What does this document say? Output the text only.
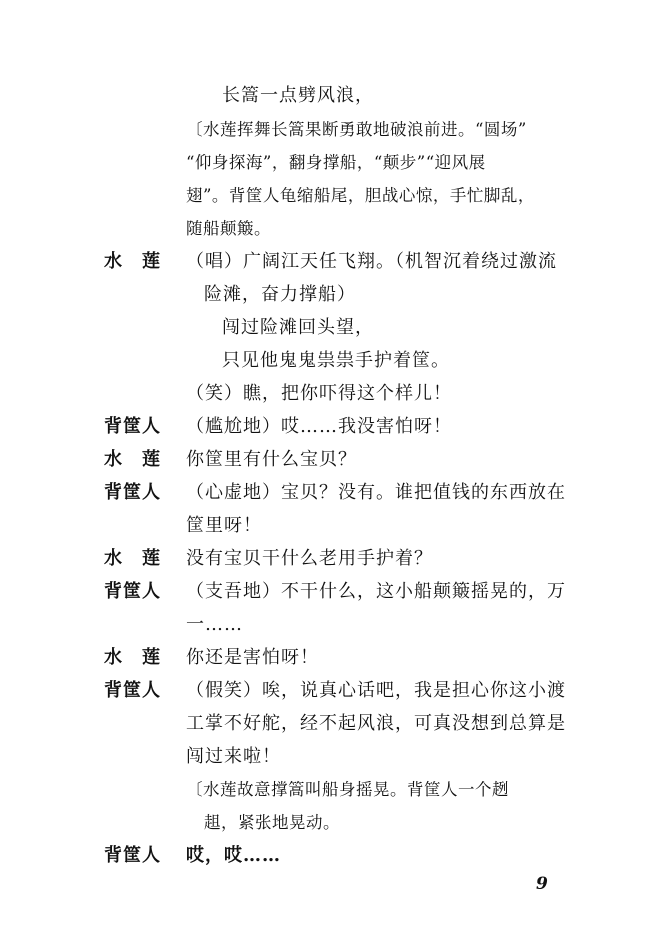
长篙一点劈风浪，
〔水莲挥舞长篙果断勇敢地破浪前进。“圆场”
“仰身探海”，翻身撑船，“颠步”“迎风展
翅”。背筐人龟缩船尾，胆战心惊，手忙脚乱，
随船颠簸。
水　莲 （唱）广阔江天任飞翔。（机智沉着绕过激流
险滩，奋力撑船）
闯过险滩回头望，
只见他鬼鬼祟祟手护着筐。
（笑）瞧，把你吓得这个样儿！
背筐人 （尴尬地）哎……我没害怕呀！
水　莲 你筐里有什么宝贝？
背筐人 （心虚地）宝贝？没有。谁把值钱的东西放在
筐里呀！
水　莲 没有宝贝干什么老用手护着？
背筐人 （支吾地）不干什么，这小船颠簸摇晃的，万
一……
水　莲 你还是害怕呀！
背筐人 （假笑）唉，说真心话吧，我是担心你这小渡
工掌不好舵，经不起风浪，可真没想到总算是
闯过来啦！
〔水莲故意撑篙叫船身摇晃。背筐人一个趔
趄，紧张地晃动。
背筐人 哎，哎……
9
